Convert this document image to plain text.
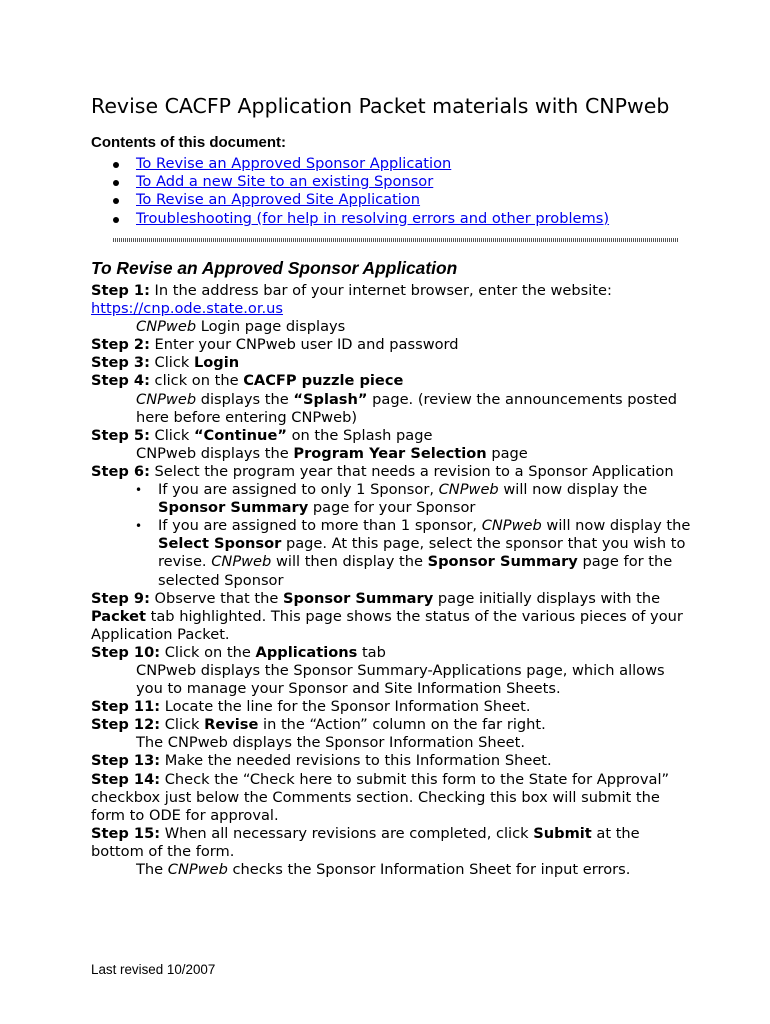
Revise CACFP Application Packet materials with CNPweb

Contents of this document:

To Revise an Approved Sponsor Application
To Add a new Site to an existing Sponsor
To Revise an Approved Site Application
Troubleshooting (for help in resolving errors and other problems)
To Revise an Approved Sponsor Application

Step 1: In the address bar of your internet browser, enter the website:

https://cnp.ode.state.or.us

CNPweb Login page displays

Step 2: Enter your CNPweb user ID and password

Step 3: Click Login

Step 4: click on the CACFP puzzle piece

CNPweb displays the “Splash” page. (review the announcements posted here before entering CNPweb)

Step 5: Click “Continue” on the Splash page

CNPweb displays the Program Year Selection page

Step 6: Select the program year that needs a revision to a Sponsor Application

• If you are assigned to only 1 Sponsor, CNPweb will now display the Sponsor Summary page for your Sponsor
• If you are assigned to more than 1 sponsor, CNPweb will now display the Select Sponsor page. At this page, select the sponsor that you wish to revise. CNPweb will then display the Sponsor Summary page for the selected Sponsor

Step 9: Observe that the Sponsor Summary page initially displays with the Packet tab highlighted. This page shows the status of the various pieces of your Application Packet.

Step 10: Click on the Applications tab

CNPweb displays the Sponsor Summary-Applications page, which allows you to manage your Sponsor and Site Information Sheets.

Step 11: Locate the line for the Sponsor Information Sheet.

Step 12: Click Revise in the “Action” column on the far right.

The CNPweb displays the Sponsor Information Sheet.

Step 13: Make the needed revisions to this Information Sheet.

Step 14: Check the “Check here to submit this form to the State for Approval” checkbox just below the Comments section. Checking this box will submit the form to ODE for approval.

Step 15: When all necessary revisions are completed, click Submit at the bottom of the form.

The CNPweb checks the Sponsor Information Sheet for input errors.

Last revised 10/2007
